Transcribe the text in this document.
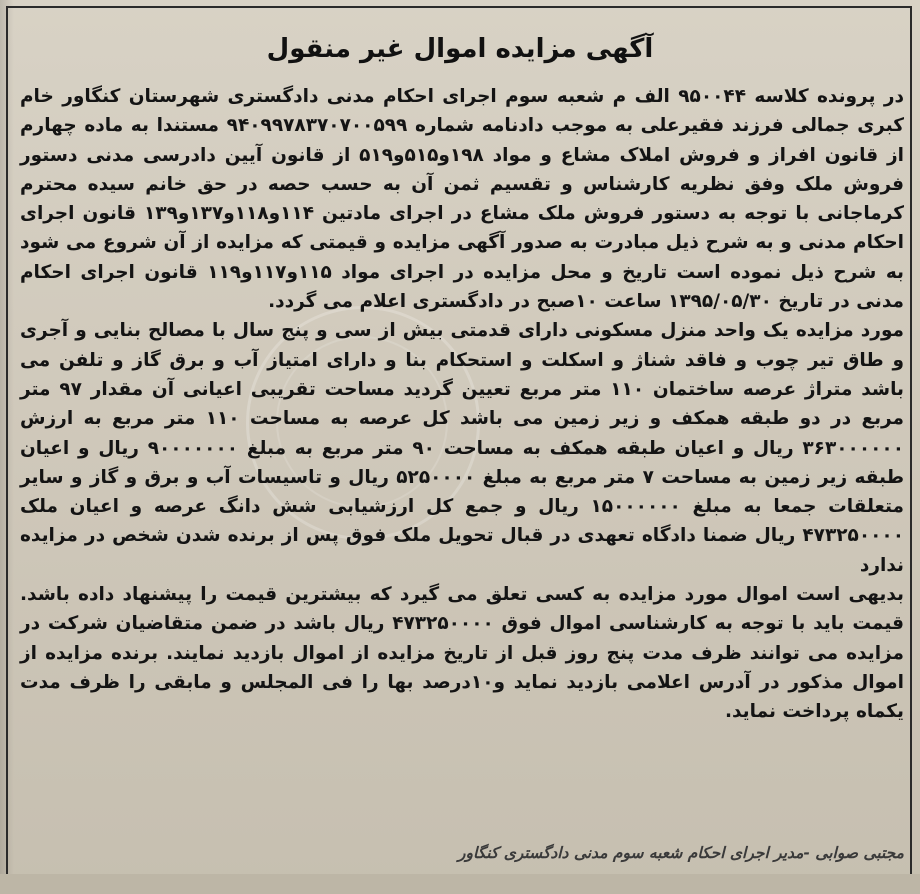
آگهی مزایده اموال غیر منقول

در پرونده کلاسه ۹۵۰۰۴۴ الف م شعبه سوم اجرای احکام مدنی دادگستری شهرستان کنگاور خام کبری جمالی فرزند فقیرعلی به موجب دادنامه شماره ۹۴۰۹۹۷۸۳۷۰۷۰۰۵۹۹ مستندا به ماده چهارم از قانون افراز و فروش املاک مشاع و مواد ۱۹۸و۵۱۵و۵۱۹ از قانون آیین دادرسی مدنی دستور فروش ملک وفق نظریه کارشناس و تقسیم ثمن آن به حسب حصه در حق خانم سیده محترم کرماجانی با توجه به دستور فروش ملک مشاع در اجرای مادتین ۱۱۴و۱۱۸و۱۳۷و۱۳۹ قانون اجرای احکام مدنی و به شرح ذیل مبادرت به صدور آگهی مزایده و قیمتی که مزایده از آن شروع می شود به شرح ذیل نموده است تاریخ و محل مزایده در اجرای مواد ۱۱۵و۱۱۷و۱۱۹ قانون اجرای احکام مدنی در تاریخ ۱۳۹۵/۰۵/۳۰ ساعت ۱۰صبح در دادگستری اعلام می گردد.

مورد مزایده یک واحد منزل مسکونی دارای قدمتی بیش از سی و پنج سال با مصالح بنایی و آجری و طاق تیر چوب و فاقد شناژ و اسکلت و استحکام بنا و دارای امتیاز آب و برق گاز و تلفن می باشد متراژ عرصه ساختمان ۱۱۰ متر مربع تعیین گردید مساحت تقریبی اعیانی آن مقدار ۹۷ متر مربع در دو طبقه همکف و زیر زمین می باشد کل عرصه به مساحت ۱۱۰ متر مربع به ارزش ۳۶۳۰۰۰۰۰۰ ریال و اعیان طبقه همکف به مساحت ۹۰ متر مربع به مبلغ ۹۰۰۰۰۰۰۰ ریال و اعیان طبقه زیر زمین به مساحت ۷ متر مربع به مبلغ ۵۲۵۰۰۰۰ ریال و تاسیسات آب و برق و گاز و سایر متعلقات جمعا به مبلغ ۱۵۰۰۰۰۰۰ ریال و جمع کل ارزشیابی شش دانگ عرصه و اعیان ملک ۴۷۳۲۵۰۰۰۰ ریال ضمنا دادگاه تعهدی در قبال تحویل ملک فوق پس از برنده شدن شخص در مزایده ندارد

بدیهی است اموال مورد مزایده به کسی تعلق می گیرد که بیشترین قیمت را پیشنهاد داده باشد. قیمت باید با توجه به کارشناسی اموال فوق ۴۷۳۲۵۰۰۰۰ ریال باشد در ضمن متقاضیان شرکت در مزایده می توانند ظرف مدت پنج روز قبل از تاریخ مزایده از اموال بازدید نمایند. برنده مزایده از اموال مذکور در آدرس اعلامی بازدید نماید و۱۰درصد بها را فی المجلس و مابقی را ظرف مدت یکماه پرداخت نماید.

مجتبی صوابی -مدیر اجرای احکام شعبه سوم مدنی دادگستری کنگاور
